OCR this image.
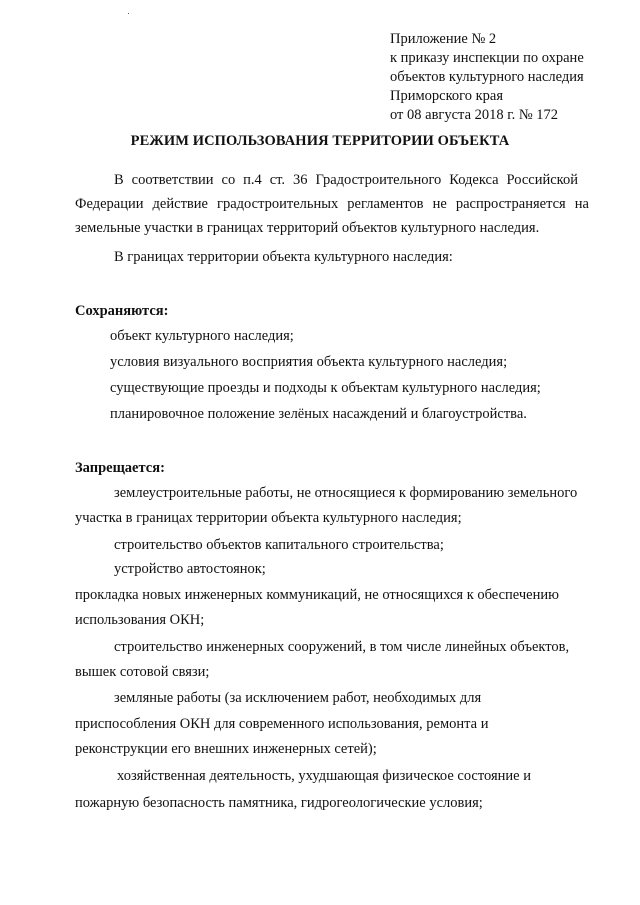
Приложение № 2
к приказу инспекции по охране
объектов культурного наследия
Приморского края
от 08 августа 2018 г. № 172
РЕЖИМ ИСПОЛЬЗОВАНИЯ ТЕРРИТОРИИ ОБЪЕКТА
В соответствии со п.4 ст. 36 Градостроительного Кодекса Российской
Федерации действие градостроительных регламентов не распространяется на
земельные участки в границах территорий объектов культурного наследия.
В границах территории объекта культурного наследия:
Сохраняются:
объект культурного наследия;
условия визуального восприятия объекта культурного наследия;
существующие проезды и подходы к объектам культурного наследия;
планировочное положение зелёных насаждений и благоустройства.
Запрещается:
землеустроительные работы, не относящиеся к формированию земельного
участка в границах территории объекта культурного наследия;
строительство объектов капитального строительства;
устройство автостоянок;
прокладка новых инженерных коммуникаций, не относящихся к обеспечению
использования ОКН;
строительство инженерных сооружений, в том числе линейных объектов,
вышек сотовой связи;
земляные работы (за исключением работ, необходимых для
приспособления ОКН для современного использования, ремонта и
реконструкции его внешних инженерных сетей);
хозяйственная деятельность, ухудшающая физическое состояние и
пожарную безопасность памятника, гидрогеологические условия;
